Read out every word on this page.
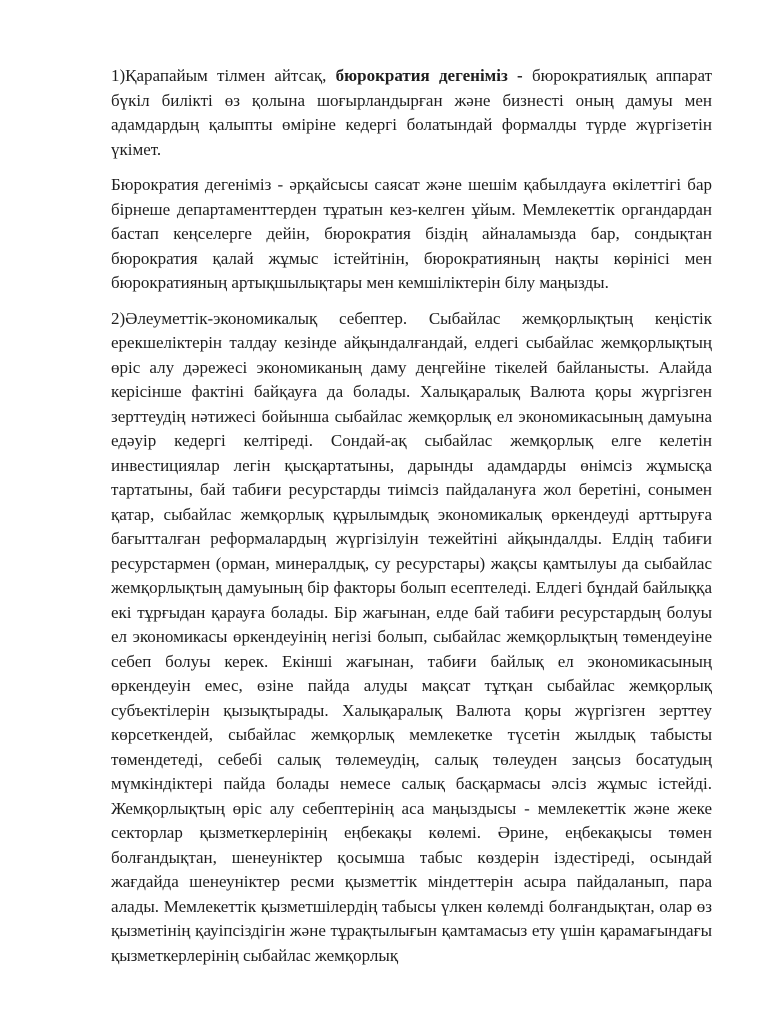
1)Қарапайым тілмен айтсақ, бюрократия дегеніміз - бюрократиялық аппарат бүкіл билікті өз қолына шоғырландырған және бизнесті оның дамуы мен адамдардың қалыпты өміріне кедергі болатындай формалды түрде жүргізетін үкімет.

Бюрократия дегеніміз - әрқайсысы саясат және шешім қабылдауға өкілеттігі бар бірнеше департаменттерден тұратын кез-келген ұйым. Мемлекеттік органдардан бастап кеңселерге дейін, бюрократия біздің айналамызда бар, сондықтан бюрократия қалай жұмыс істейтінін, бюрократияның нақты көрінісі мен бюрократияның артықшылықтары мен кемшіліктерін білу маңызды.

2)Әлеуметтік-экономикалық себептер. Сыбайлас жемқорлықтың кеңістік ерекшеліктерін талдау кезінде айқындалғандай, елдегі сыбайлас жемқорлықтың өріс алу дәрежесі экономиканың даму деңгейіне тікелей байланысты. Алайда керісінше фактіні байқауға да болады. Халықаралық Валюта қоры жүргізген зерттеудің нәтижесі бойынша сыбайлас жемқорлық ел экономикасының дамуына едәуір кедергі келтіреді. Сондай-ақ сыбайлас жемқорлық елге келетін инвестициялар легін қысқартатыны, дарынды адамдарды өнімсіз жұмысқа тартатыны, бай табиғи ресурстарды тиімсіз пайдалануға жол беретіні, сонымен қатар, сыбайлас жемқорлық құрылымдық экономикалық өркендеуді арттыруға бағытталған реформалардың жүргізілуін тежейтіні айқындалды. Елдің табиғи ресурстармен (орман, минералдық, су ресурстары) жақсы қамтылуы да сыбайлас жемқорлықтың дамуының бір факторы болып есептеледі. Елдегі бұндай байлыққа екі тұрғыдан қарауға болады. Бір жағынан, елде бай табиғи ресурстардың болуы ел экономикасы өркендеуінің негізі болып, сыбайлас жемқорлықтың төмендеуіне себеп болуы керек. Екінші жағынан, табиғи байлық ел экономикасының өркендеуін емес, өзіне пайда алуды мақсат тұтқан сыбайлас жемқорлық субъектілерін қызықтырады. Халықаралық Валюта қоры жүргізген зерттеу көрсеткендей, сыбайлас жемқорлық мемлекетке түсетін жылдық табысты төмендетеді, себебі салық төлемеудің, салық төлеуден заңсыз босатудың мүмкіндіктері пайда болады немесе салық басқармасы әлсіз жұмыс істейді. Жемқорлықтың өріс алу себептерінің аса маңыздысы - мемлекеттік және жеке секторлар қызметкерлерінің еңбекақы көлемі. Әрине, еңбекақысы төмен болғандықтан, шенеуніктер қосымша табыс көздерін іздестіреді, осындай жағдайда шенеуніктер ресми қызметтік міндеттерін асыра пайдаланып, пара алады. Мемлекеттік қызметшілердің табысы үлкен көлемді болғандықтан, олар өз қызметінің қауіпсіздігін және тұрақтылығын қамтамасыз ету үшін қарамағындағы қызметкерлерінің сыбайлас жемқорлық
